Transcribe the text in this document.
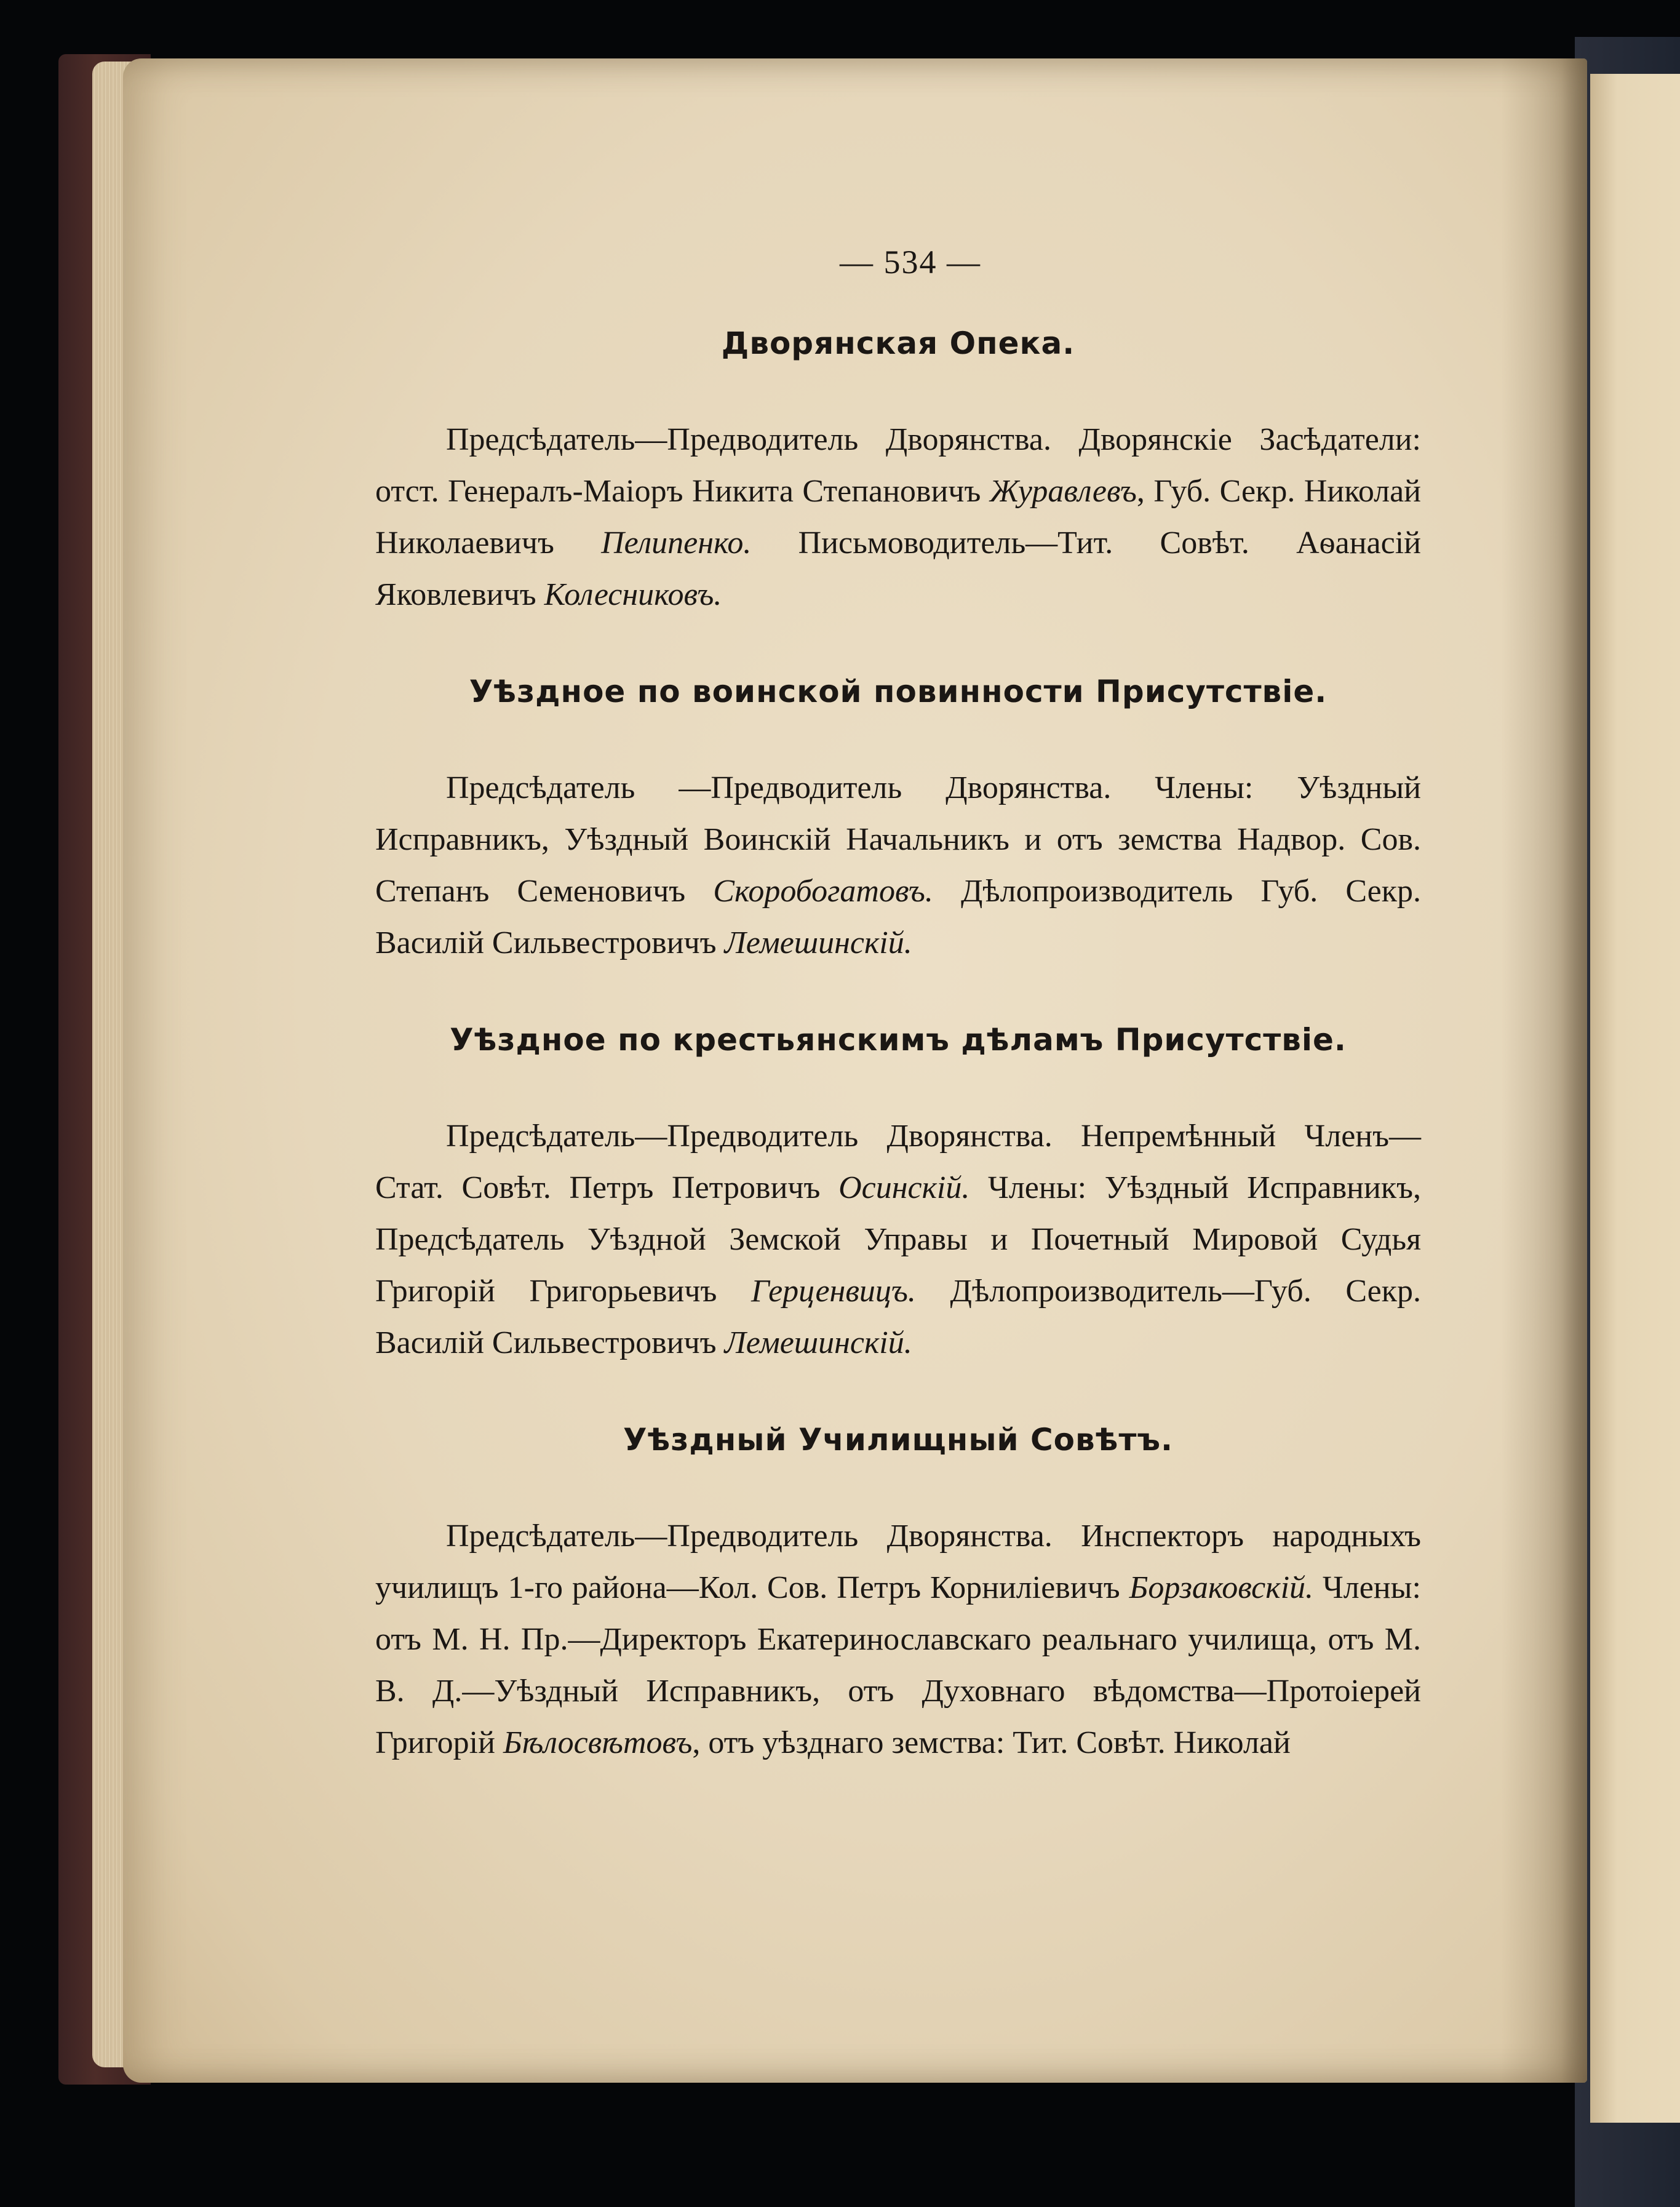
— 534 —
Дворянская Опека.

Предсѣдатель—Предводитель Дворянства. Дворянскіе Засѣдатели: отст. Генералъ-Маіоръ Никита Степановичъ Журавлевъ, Губ. Секр. Николай Николаевичъ Пелипенко. Письмоводитель—Тит. Совѣт. Аѳанасій Яковлевичъ Колесниковъ.

Уѣздное по воинской повинности Присутствіе.

Предсѣдатель —Предводитель Дворянства. Члены: Уѣздный Исправникъ, Уѣздный Воинскій Начальникъ и отъ земства Надвор. Сов. Степанъ Семеновичъ Скоробогатовъ. Дѣлопроизводитель Губ. Секр. Василій Сильвестровичъ Лемешинскій.

Уѣздное по крестьянскимъ дѣламъ Присутствіе.

Предсѣдатель—Предводитель Дворянства. Непремѣнный Членъ—Стат. Совѣт. Петръ Петровичъ Осинскій. Члены: Уѣздный Исправникъ, Предсѣдатель Уѣздной Земской Управы и Почетный Мировой Судья Григорій Григорьевичъ Герценвицъ. Дѣлопроизводитель—Губ. Секр. Василій Сильвестровичъ Лемешинскій.

Уѣздный Училищный Совѣтъ.

Предсѣдатель—Предводитель Дворянства. Инспекторъ народныхъ училищъ 1-го района—Кол. Сов. Петръ Корниліевичъ Борзаковскій. Члены: отъ М. Н. Пр.—Директоръ Екатеринославскаго реальнаго училища, отъ М. В. Д.—Уѣздный Исправникъ, отъ Духовнаго вѣдомства—Протоіерей Григорій Бѣлосвѣтовъ, отъ уѣзднаго земства: Тит. Совѣт. Николай
